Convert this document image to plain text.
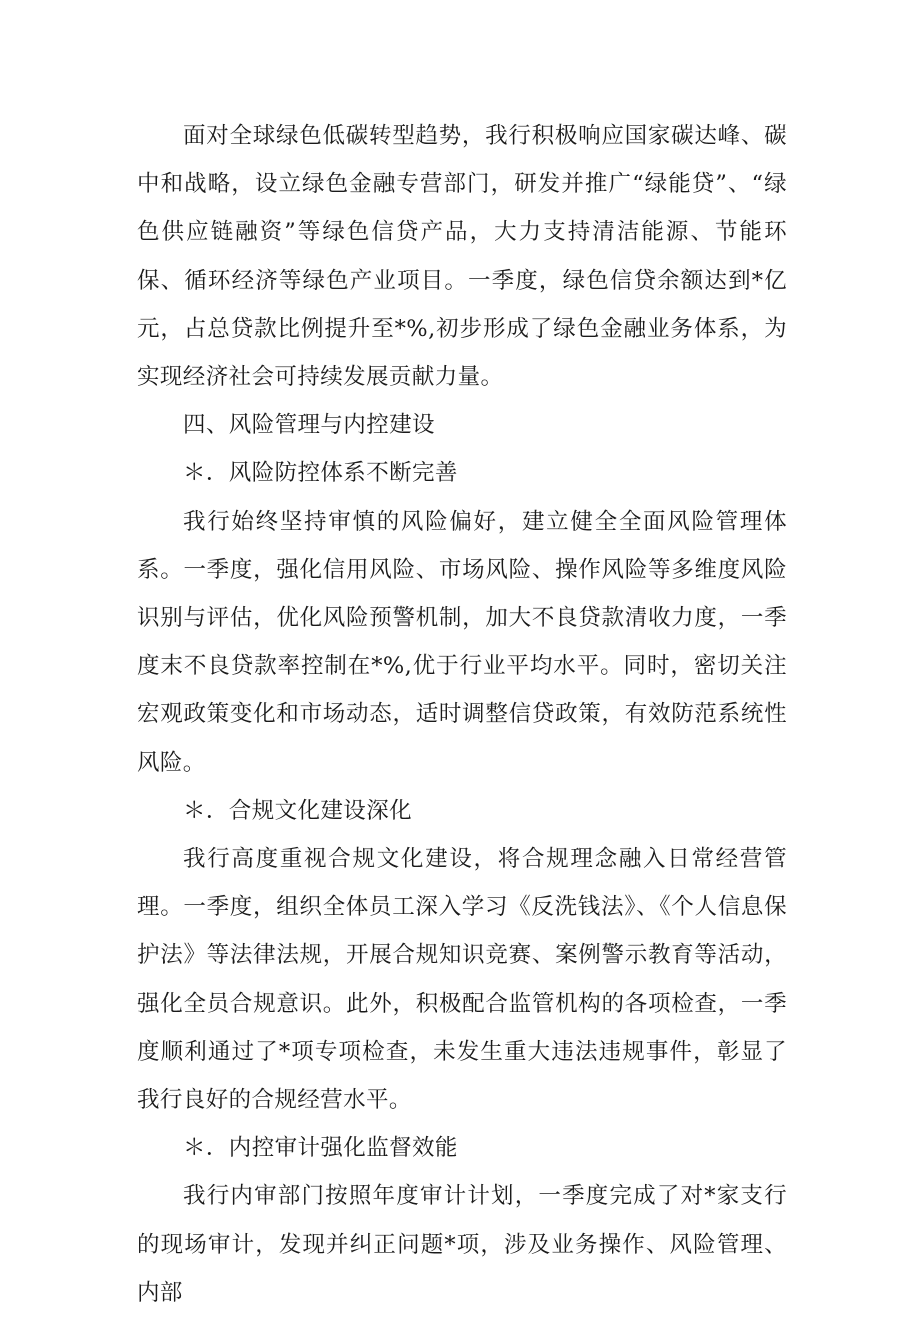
面对全球绿色低碳转型趋势，我行积极响应国家碳达峰、碳中和战略，设立绿色金融专营部门，研发并推广“绿能贷”、“绿色供应链融资”等绿色信贷产品，大力支持清洁能源、节能环保、循环经济等绿色产业项目。一季度，绿色信贷余额达到*亿元，占总贷款比例提升至*%,初步形成了绿色金融业务体系，为实现经济社会可持续发展贡献力量。

四、风险管理与内控建设

＊．风险防控体系不断完善

我行始终坚持审慎的风险偏好，建立健全全面风险管理体系。一季度，强化信用风险、市场风险、操作风险等多维度风险识别与评估，优化风险预警机制，加大不良贷款清收力度，一季度末不良贷款率控制在*%,优于行业平均水平。同时，密切关注宏观政策变化和市场动态，适时调整信贷政策，有效防范系统性风险。

＊．合规文化建设深化

我行高度重视合规文化建设，将合规理念融入日常经营管理。一季度，组织全体员工深入学习《反洗钱法》、《个人信息保护法》等法律法规，开展合规知识竞赛、案例警示教育等活动，强化全员合规意识。此外，积极配合监管机构的各项检查，一季度顺利通过了*项专项检查，未发生重大违法违规事件，彰显了我行良好的合规经营水平。

＊．内控审计强化监督效能

我行内审部门按照年度审计计划，一季度完成了对*家支行的现场审计，发现并纠正问题*项，涉及业务操作、风险管理、内部
